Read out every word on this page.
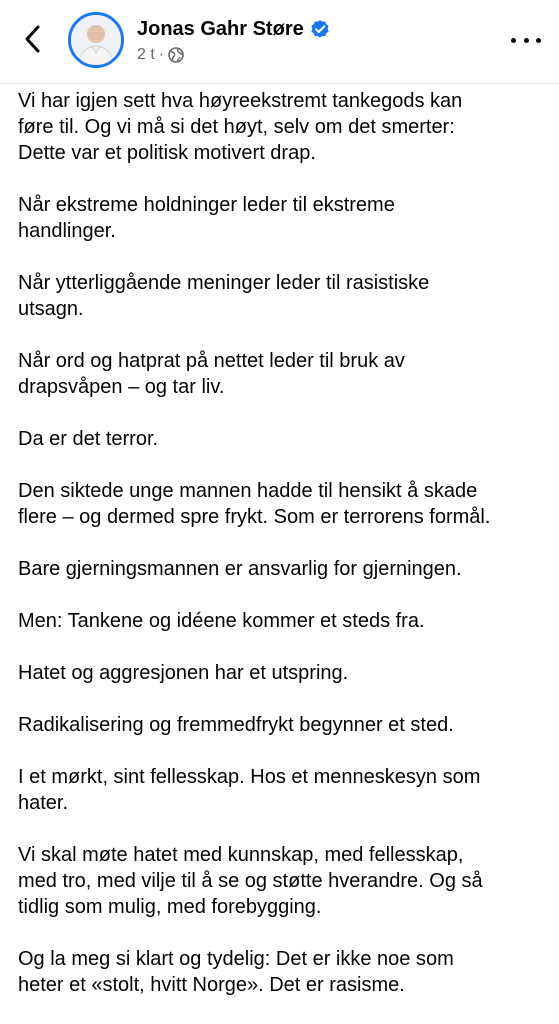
Jonas Gahr Støre
2 t ·

Vi har igjen sett hva høyreekstremt tankegods kan
føre til. Og vi må si det høyt, selv om det smerter:
Dette var et politisk motivert drap.

Når ekstreme holdninger leder til ekstreme
handlinger.

Når ytterliggående meninger leder til rasistiske
utsagn.

Når ord og hatprat på nettet leder til bruk av
drapsvåpen – og tar liv.

Da er det terror.

Den siktede unge mannen hadde til hensikt å skade
flere – og dermed spre frykt. Som er terrorens formål.

Bare gjerningsmannen er ansvarlig for gjerningen.

Men: Tankene og idéene kommer et steds fra.

Hatet og aggresjonen har et utspring.

Radikalisering og fremmedfrykt begynner et sted.

I et mørkt, sint fellesskap. Hos et menneskesyn som
hater.

Vi skal møte hatet med kunnskap, med fellesskap,
med tro, med vilje til å se og støtte hverandre. Og så
tidlig som mulig, med forebygging.

Og la meg si klart og tydelig: Det er ikke noe som
heter et «stolt, hvitt Norge». Det er rasisme.
